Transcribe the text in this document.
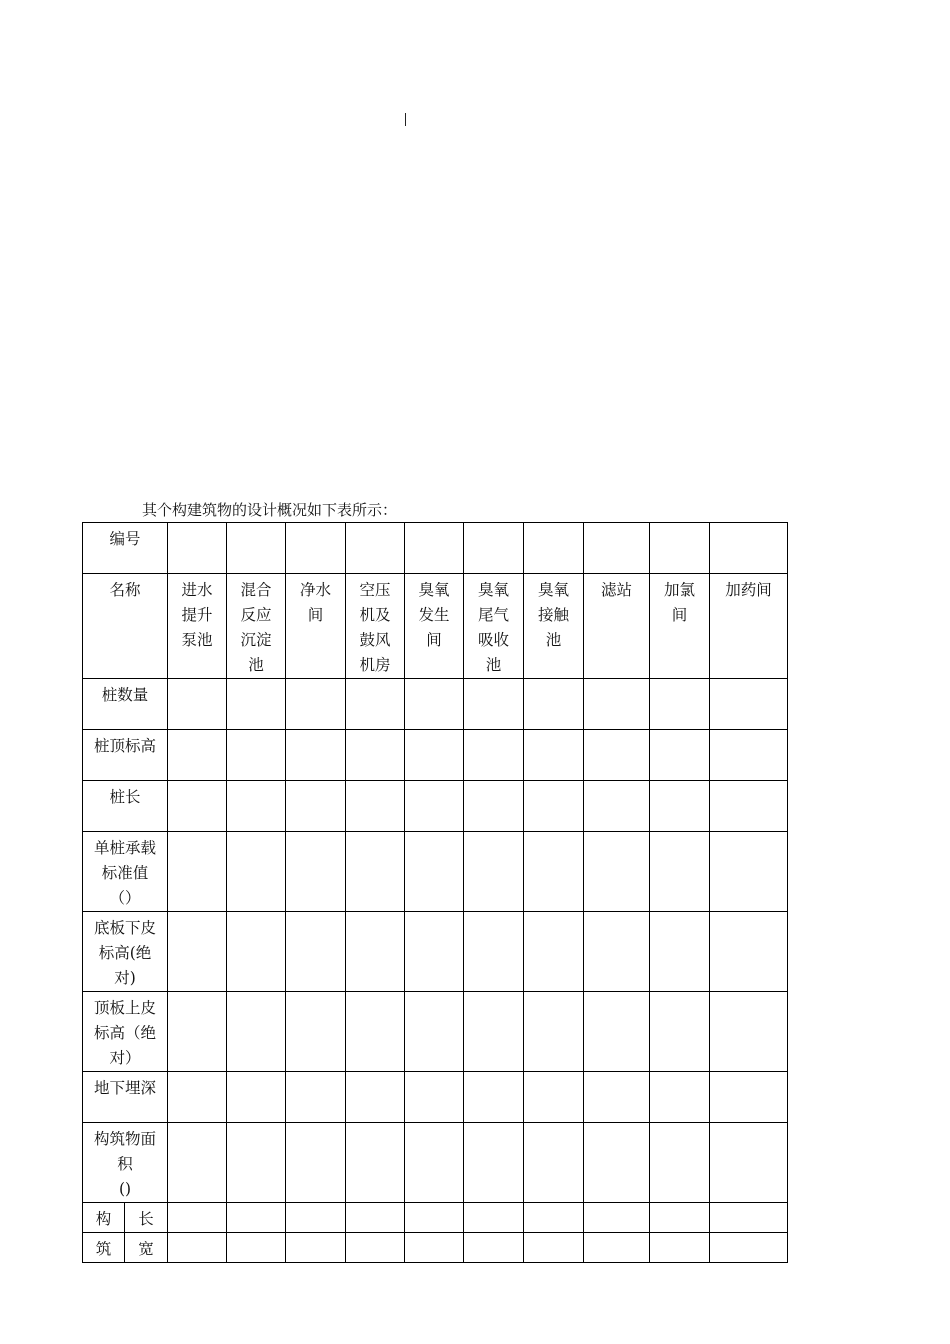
其个构建筑物的设计概况如下表所示：
编号											

名称		进水
提升
泵池	混合
反应
沉淀
池	净水
间	空压
机及
鼓风
机房	臭氧
发生
间	臭氧
尾气
吸收
池	臭氧
接触
池	滤站	加氯
间	加药间

桩数量											

桩顶标高											

桩长											

单桩承载
标准值
（）											

底板下皮
标高(绝
对)											

顶板上皮
标高（绝
对）											

地下埋深											

构筑物面
积
()											

构	长										
筑	宽										
